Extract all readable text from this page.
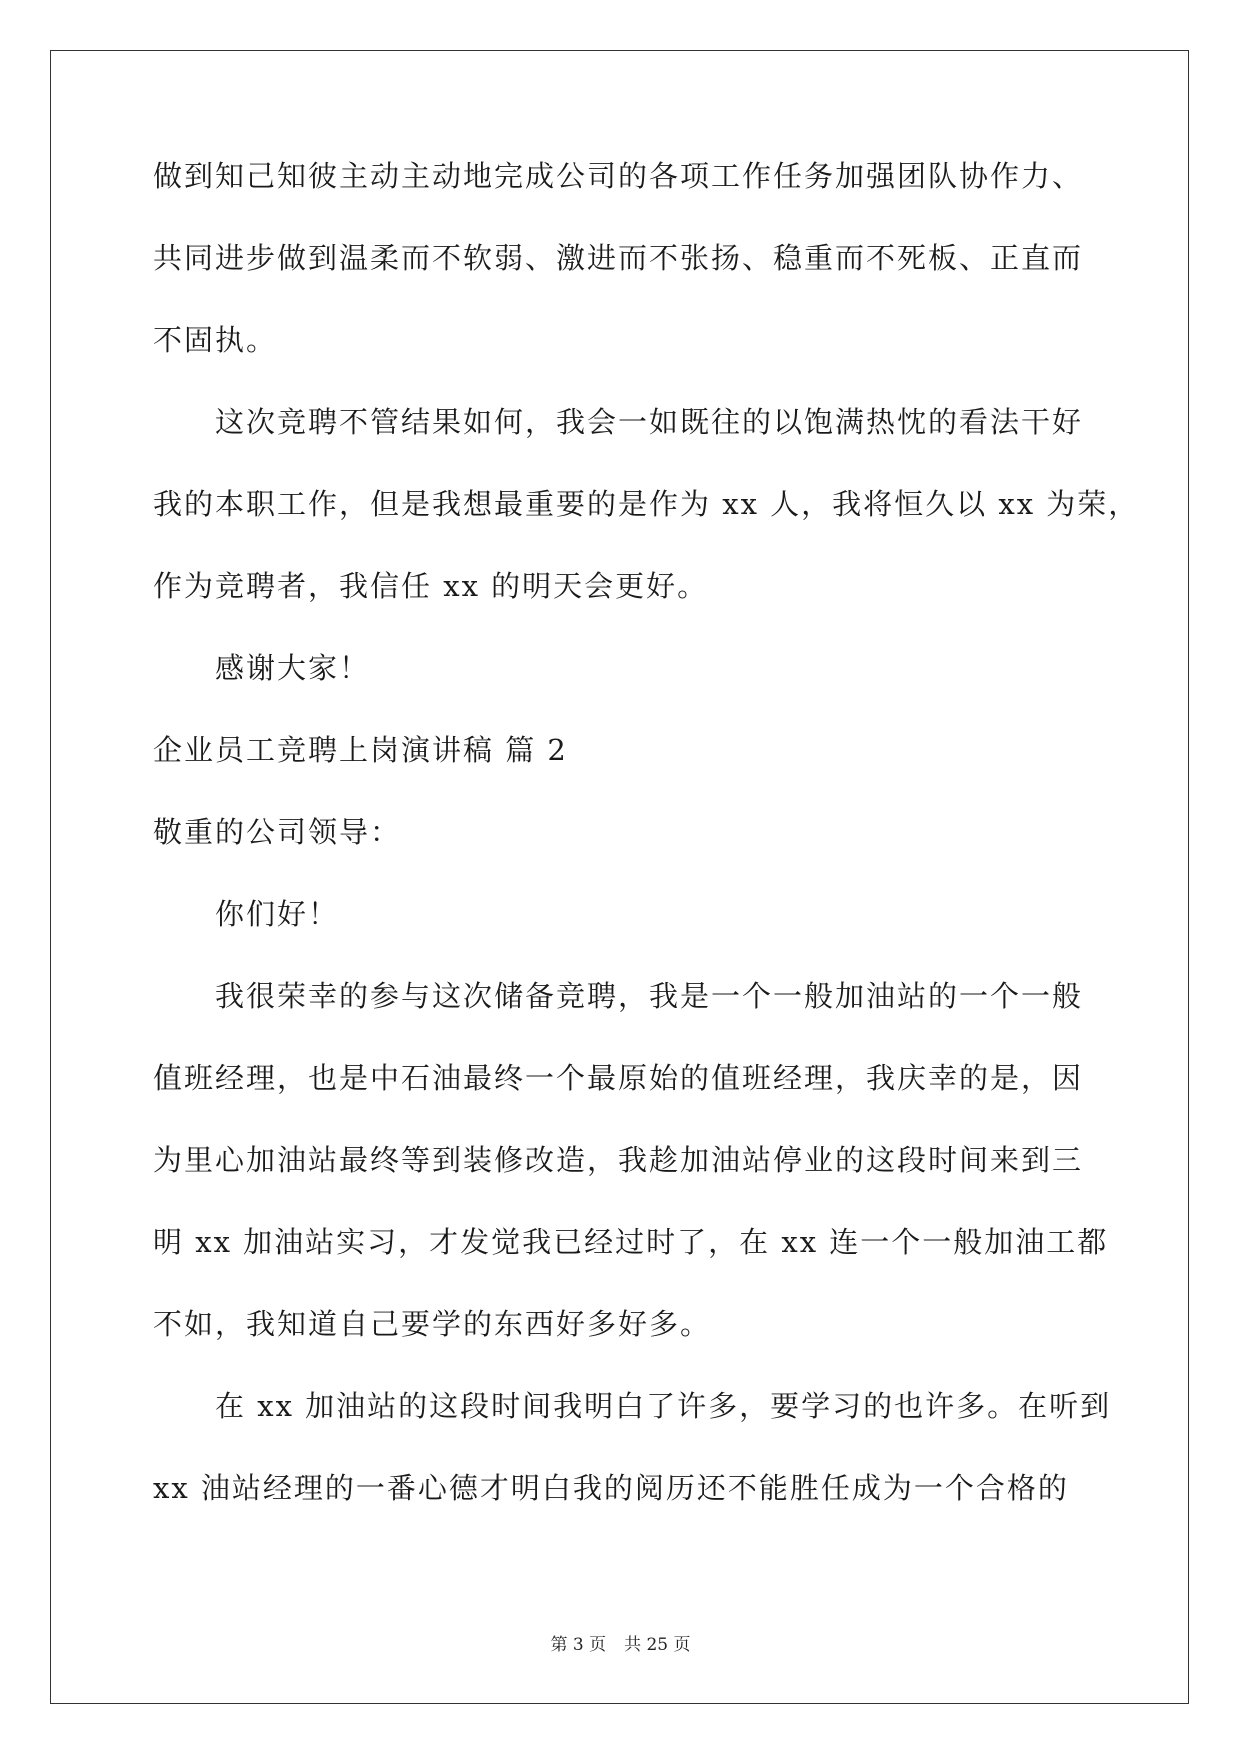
做到知己知彼主动主动地完成公司的各项工作任务加强团队协作力、
共同进步做到温柔而不软弱、激进而不张扬、稳重而不死板、正直而
不固执。
这次竞聘不管结果如何，我会一如既往的以饱满热忱的看法干好
我的本职工作，但是我想最重要的是作为 xx 人，我将恒久以 xx 为荣，
作为竞聘者，我信任 xx 的明天会更好。
感谢大家！
企业员工竞聘上岗演讲稿 篇 2
敬重的公司领导：
你们好！
我很荣幸的参与这次储备竞聘，我是一个一般加油站的一个一般
值班经理，也是中石油最终一个最原始的值班经理，我庆幸的是，因
为里心加油站最终等到装修改造，我趁加油站停业的这段时间来到三
明 xx 加油站实习，才发觉我已经过时了，在 xx 连一个一般加油工都
不如，我知道自己要学的东西好多好多。
在 xx 加油站的这段时间我明白了许多，要学习的也许多。在听到
xx 油站经理的一番心德才明白我的阅历还不能胜任成为一个合格的
第 3 页 共 25 页
